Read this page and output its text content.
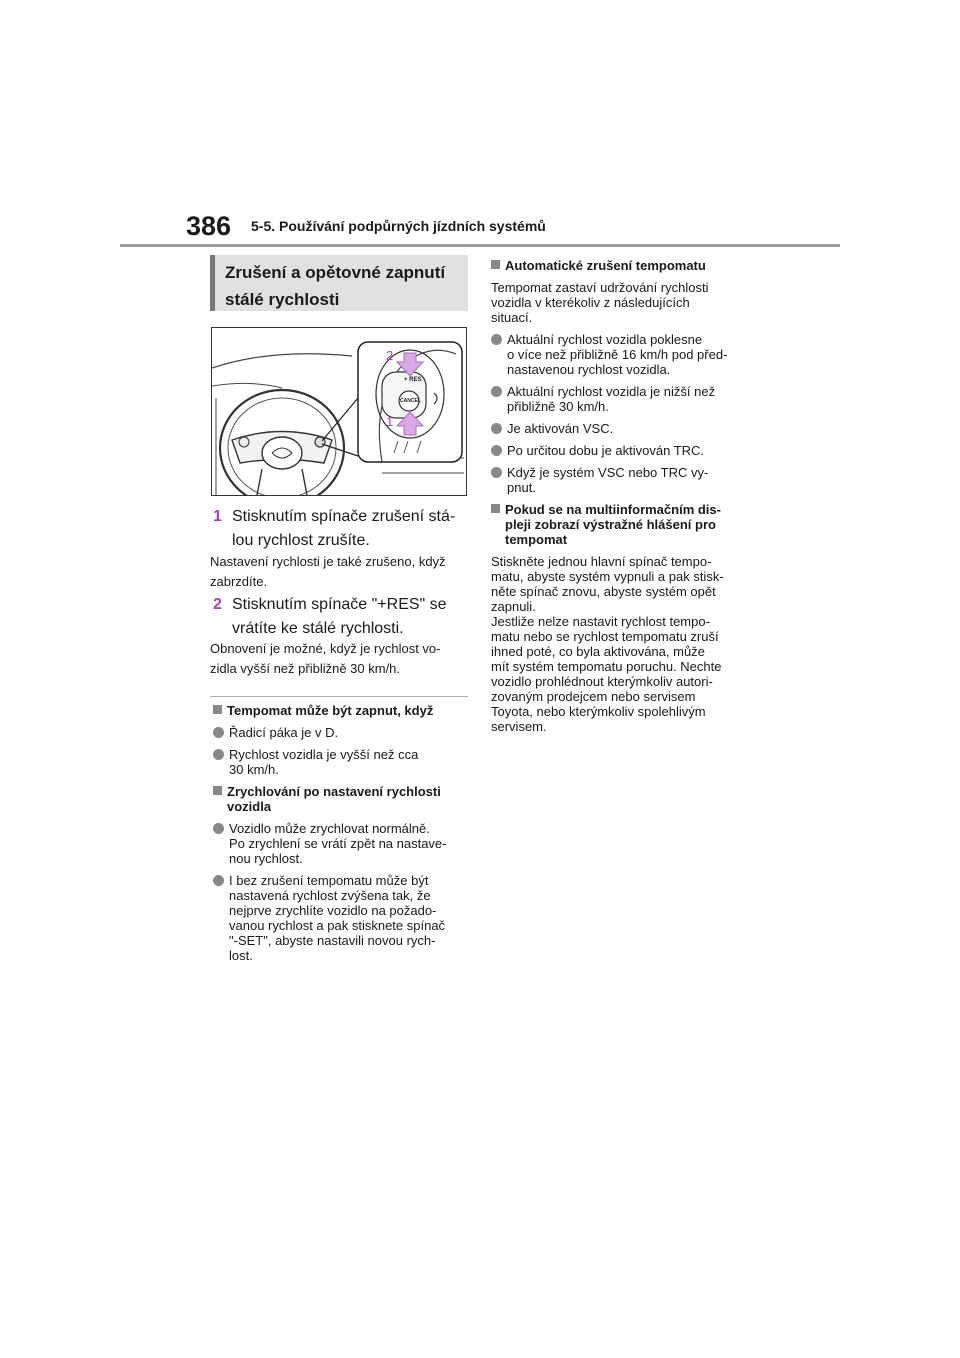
386 5-5. Používání podpůrných jízdních systémů
Zrušení a opětovné zapnutí
stálé rychlosti
+ RES
CANCEL
2
1
1 Stisknutím spínače zrušení stá-
lou rychlost zrušíte.
Nastavení rychlosti je také zrušeno, když
zabrzdíte.
2 Stisknutím spínače "+RES" se
vrátíte ke stálé rychlosti.
Obnovení je možné, když je rychlost vo-
zidla vyšší než přibližně 30 km/h.
Tempomat může být zapnut, když
Řadicí páka je v D.
Rychlost vozidla je vyšší než cca
30 km/h.
Zrychlování po nastavení rychlosti
vozidla
Vozidlo může zrychlovat normálně.
Po zrychlení se vrátí zpět na nastave-
nou rychlost.
I bez zrušení tempomatu může být
nastavená rychlost zvýšena tak, že
nejprve zrychlíte vozidlo na požado-
vanou rychlost a pak stisknete spínač
"-SET", abyste nastavili novou rych-
lost.
Automatické zrušení tempomatu
Tempomat zastaví udržování rychlosti
vozidla v kterékoliv z následujících
situací.
Aktuální rychlost vozidla poklesne
o více než přibližně 16 km/h pod před-
nastavenou rychlost vozidla.
Aktuální rychlost vozidla je nižší než
přibližně 30 km/h.
Je aktivován VSC.
Po určitou dobu je aktivován TRC.
Když je systém VSC nebo TRC vy-
pnut.
Pokud se na multiinformačním dis-
pleji zobrazí výstražné hlášení pro
tempomat
Stiskněte jednou hlavní spínač tempo-
matu, abyste systém vypnuli a pak stisk-
něte spínač znovu, abyste systém opět
zapnuli.
Jestliže nelze nastavit rychlost tempo-
matu nebo se rychlost tempomatu zruší
ihned poté, co byla aktivována, může
mít systém tempomatu poruchu. Nechte
vozidlo prohlédnout kterýmkoliv autori-
zovaným prodejcem nebo servisem
Toyota, nebo kterýmkoliv spolehlivým
servisem.
